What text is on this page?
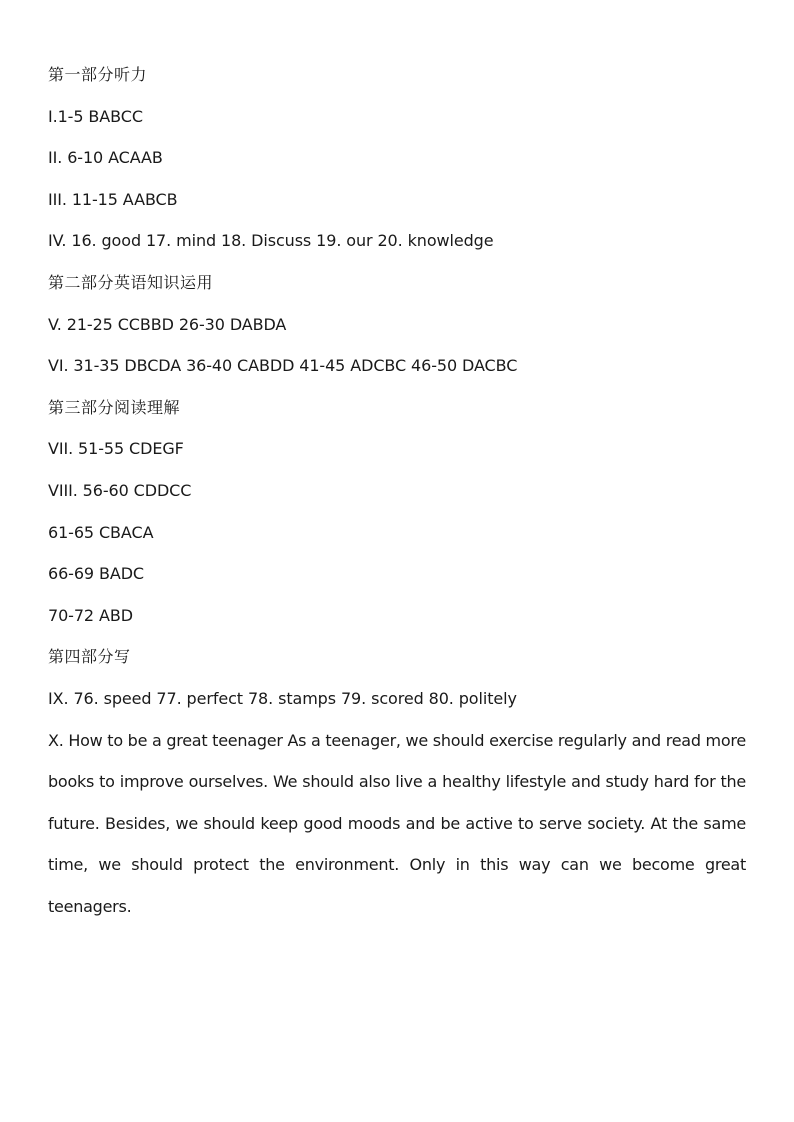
第一部分听力
I.1-5 BABCC
II. 6-10 ACAAB
III. 11-15 AABCB
IV. 16. good 17. mind 18. Discuss 19. our 20. knowledge
第二部分英语知识运用
V. 21-25 CCBBD 26-30 DABDA
VI. 31-35 DBCDA 36-40 CABDD 41-45 ADCBC 46-50 DACBC
第三部分阅读理解
VII. 51-55 CDEGF
VIII. 56-60 CDDCC
61-65 CBACA
66-69 BADC
70-72 ABD
第四部分写
IX. 76. speed 77. perfect 78. stamps 79. scored 80. politely
X. How to be a great teenager As a teenager, we should exercise regularly and read more books to improve ourselves. We should also live a healthy lifestyle and study hard for the future. Besides, we should keep good moods and be active to serve society. At the same time, we should protect the environment. Only in this way can we become great teenagers.
